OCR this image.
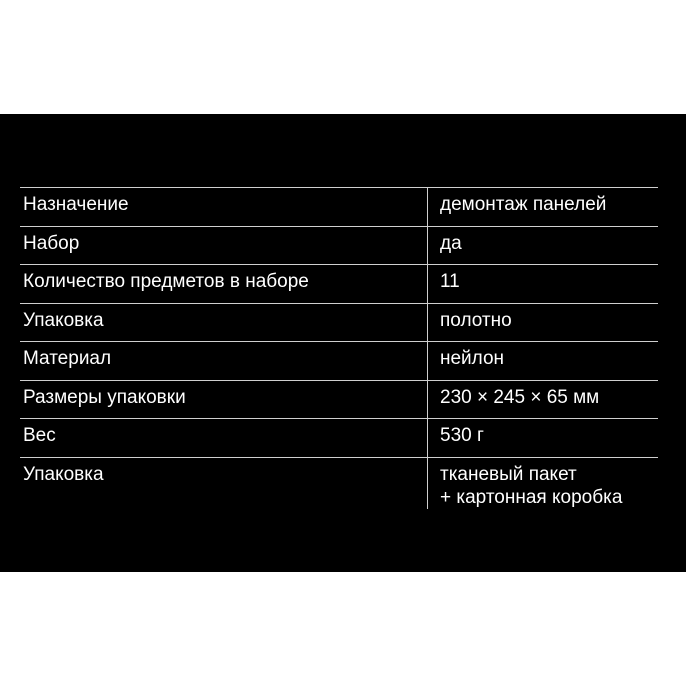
Назначение	демонтаж панелей
Набор	да
Количество предметов в наборе	11
Упаковка	полотно
Материал	нейлон
Размеры упаковки	230 × 245 × 65 мм
Вес	530 г
Упаковка	тканевый пакет
+ картонная коробка
